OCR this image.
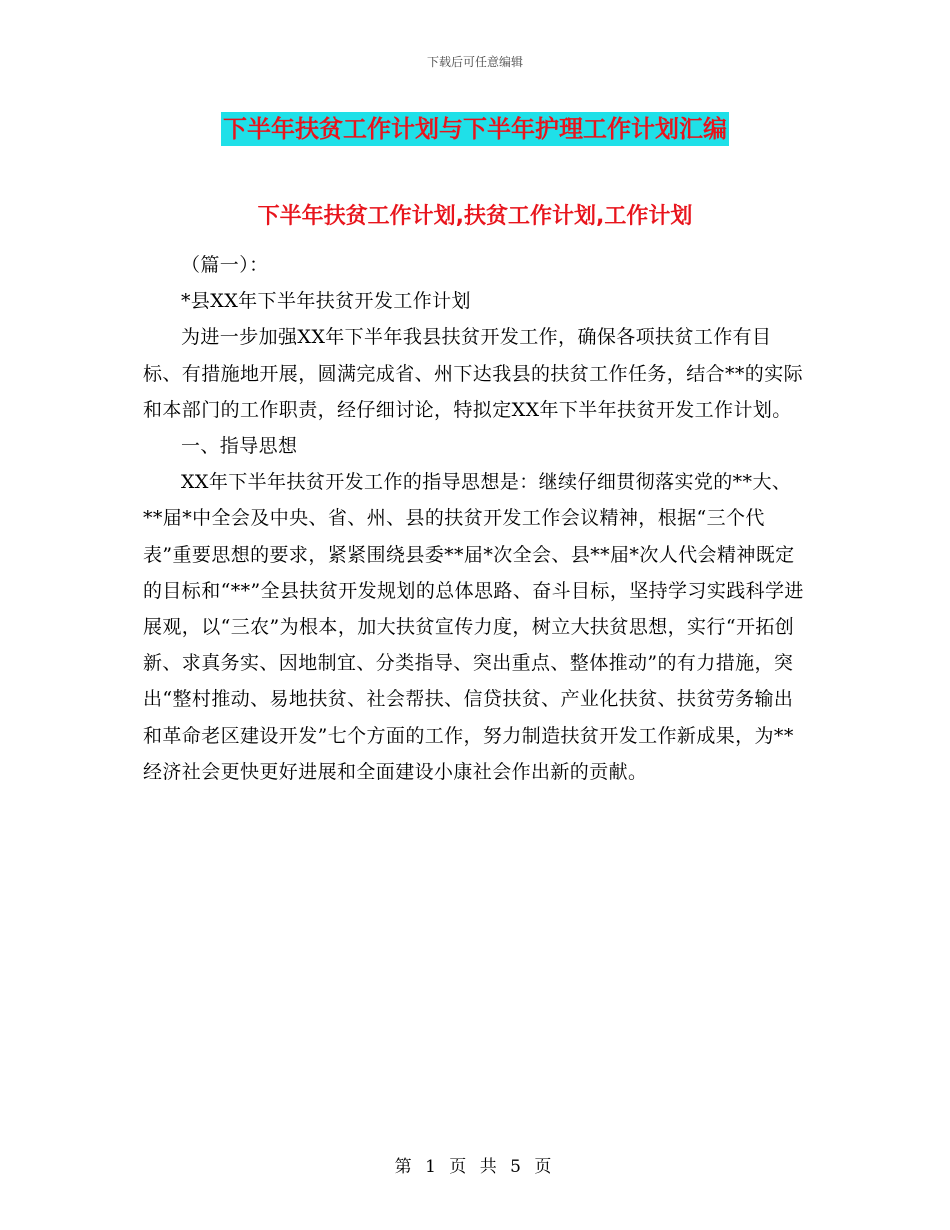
下载后可任意编辑
下半年扶贫工作计划与下半年护理工作计划汇编
下半年扶贫工作计划,扶贫工作计划,工作计划

（篇一）：

*县XX年下半年扶贫开发工作计划

为进一步加强XX年下半年我县扶贫开发工作，确保各项扶贫工作有目标、有措施地开展，圆满完成省、州下达我县的扶贫工作任务，结合**的实际和本部门的工作职责，经仔细讨论，特拟定XX年下半年扶贫开发工作计划。

一、指导思想

XX年下半年扶贫开发工作的指导思想是：继续仔细贯彻落实党的**大、**届*中全会及中央、省、州、县的扶贫开发工作会议精神，根据“三个代表”重要思想的要求，紧紧围绕县委**届*次全会、县**届*次人代会精神既定的目标和“**”全县扶贫开发规划的总体思路、奋斗目标，坚持学习实践科学进展观，以“三农”为根本，加大扶贫宣传力度，树立大扶贫思想，实行“开拓创新、求真务实、因地制宜、分类指导、突出重点、整体推动”的有力措施，突出“整村推动、易地扶贫、社会帮扶、信贷扶贫、产业化扶贫、扶贫劳务输出和革命老区建设开发”七个方面的工作，努力制造扶贫开发工作新成果，为**经济社会更快更好进展和全面建设小康社会作出新的贡献。

第 1 页 共 5 页
